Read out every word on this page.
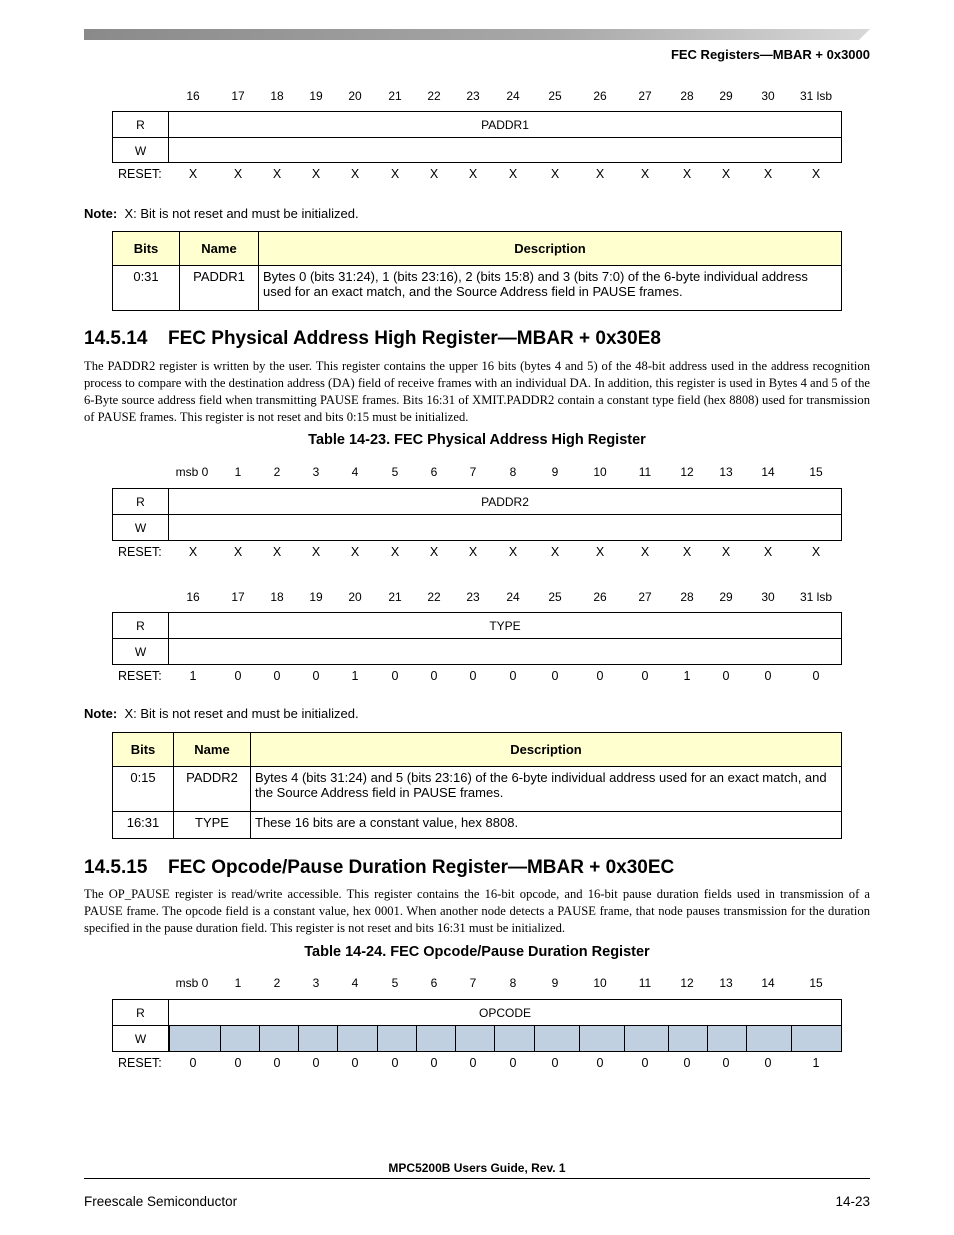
FEC Registers—MBAR + 0x3000
16	17 18 19 20 21 22 23 24 25	26	27 28 29 30 31 lsb
R	PADDR1
W
RESET: X	X X X X	X X X	X	X	X	X	X X	X	X
Note: X: Bit is not reset and must be initialized.
Bits	Name	Description
0:31	PADDR1	Bytes 0 (bits 31:24), 1 (bits 23:16), 2 (bits 15:8) and 3 (bits 7:0) of the 6-byte individual address used for an exact match, and the Source Address field in PAUSE frames.
14.5.14 FEC Physical Address High Register—MBAR + 0x30E8
The PADDR2 register is written by the user. This register contains the upper 16 bits (bytes 4 and 5) of the 48-bit address used in the address recognition process to compare with the destination address (DA) field of receive frames with an individual DA. In addition, this register is used in Bytes 4 and 5 of the 6-Byte source address field when transmitting PAUSE frames. Bits 16:31 of XMIT.PADDR2 contain a constant type field (hex 8808) used for transmission of PAUSE frames. This register is not reset and bits 0:15 must be initialized.
Table 14-23. FEC Physical Address High Register
msb 0 1	2	3	4	5	6	7	8	9	10	11 12 13 14	15
R	PADDR2
W
RESET: X	X X X X	X X X	X	X	X	X	X X	X	X
16	17 18 19 20 21 22 23 24 25	26	27 28 29 30 31 lsb
R	TYPE
W
RESET: 1	0	0	0	1	0	0	0	0	0	0	0	1	0	0	0
Note: X: Bit is not reset and must be initialized.
Bits	Name	Description
0:15	PADDR2	Bytes 4 (bits 31:24) and 5 (bits 23:16) of the 6-byte individual address used for an exact match, and the Source Address field in PAUSE frames.
16:31	TYPE	These 16 bits are a constant value, hex 8808.
14.5.15 FEC Opcode/Pause Duration Register—MBAR + 0x30EC
The OP_PAUSE register is read/write accessible. This register contains the 16-bit opcode, and 16-bit pause duration fields used in transmission of a PAUSE frame. The opcode field is a constant value, hex 0001. When another node detects a PAUSE frame, that node pauses transmission for the duration specified in the pause duration field. This register is not reset and bits 16:31 must be initialized.
Table 14-24. FEC Opcode/Pause Duration Register
msb 0 1	2	3	4	5	6	7	8	9	10	11 12 13 14	15
R	OPCODE
W
RESET: 0	0	0	0	0	0	0	0	0	0	0	0	0	0	0	1
MPC5200B Users Guide, Rev. 1
Freescale Semiconductor	14-23
